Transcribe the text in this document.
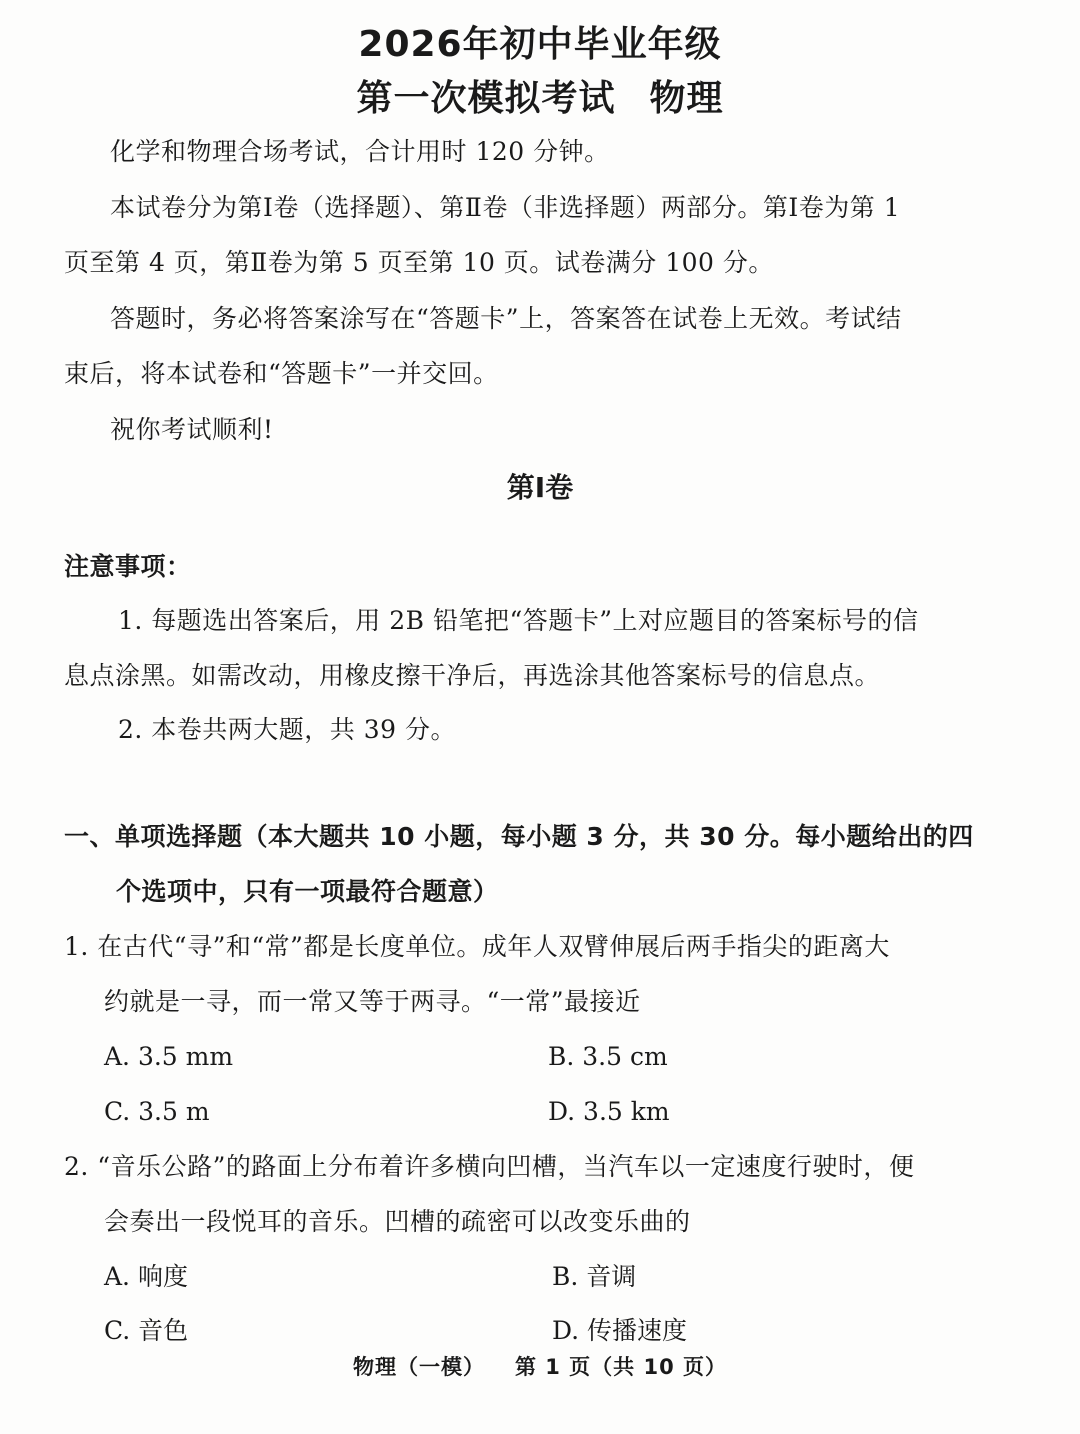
2026年初中毕业年级
第一次模拟考试 物理
化学和物理合场考试，合计用时 120 分钟。
本试卷分为第Ⅰ卷（选择题）、第Ⅱ卷（非选择题）两部分。第Ⅰ卷为第 1
页至第 4 页，第Ⅱ卷为第 5 页至第 10 页。试卷满分 100 分。
答题时，务必将答案涂写在“答题卡”上，答案答在试卷上无效。考试结
束后，将本试卷和“答题卡”一并交回。
祝你考试顺利!
第Ⅰ卷
注意事项：
1. 每题选出答案后，用 2B 铅笔把“答题卡”上对应题目的答案标号的信
息点涂黑。如需改动，用橡皮擦干净后，再选涂其他答案标号的信息点。
2. 本卷共两大题，共 39 分。
一、单项选择题（本大题共 10 小题，每小题 3 分，共 30 分。每小题给出的四
个选项中，只有一项最符合题意）
1. 在古代“寻”和“常”都是长度单位。成年人双臂伸展后两手指尖的距离大
约就是一寻，而一常又等于两寻。“一常”最接近
A. 3.5 mm	B. 3.5 cm
C. 3.5 m	D. 3.5 km
2. “音乐公路”的路面上分布着许多横向凹槽，当汽车以一定速度行驶时，便
会奏出一段悦耳的音乐。凹槽的疏密可以改变乐曲的
A. 响度	B. 音调
C. 音色	D. 传播速度
物理（一模） 第 1 页（共 10 页）
